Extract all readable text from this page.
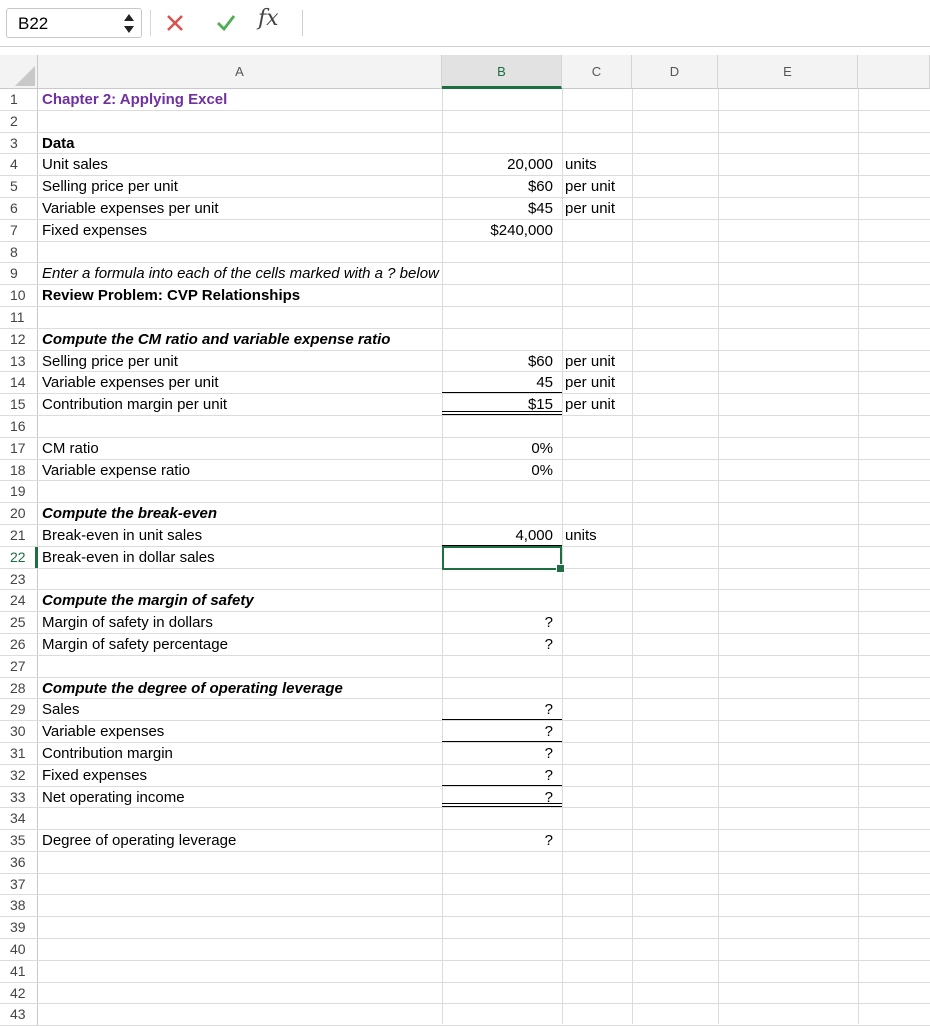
B22	fx
A	B	C	D	E
1	Chapter 2: Applying Excel
2
3	Data
4	Unit sales	20,000 units
5	Selling price per unit	$60 per unit
6	Variable expenses per unit	$45 per unit
7	Fixed expenses	$240,000
8
9	Enter a formula into each of the cells marked with a ? below
10	Review Problem: CVP Relationships
11
12	Compute the CM ratio and variable expense ratio
13	Selling price per unit	$60 per unit
14	Variable expenses per unit	45 per unit
15	Contribution margin per unit	$15 per unit
16
17	CM ratio	0%
18	Variable expense ratio	0%
19
20	Compute the break-even
21	Break-even in unit sales	4,000 units
22	Break-even in dollar sales
23
24	Compute the margin of safety
25	Margin of safety in dollars	?
26	Margin of safety percentage	?
27
28	Compute the degree of operating leverage
29	Sales	?
30	Variable expenses	?
31	Contribution margin	?
32	Fixed expenses	?
33	Net operating income	?
34
35	Degree of operating leverage	?
36
37
38
39
40
41
42
43
